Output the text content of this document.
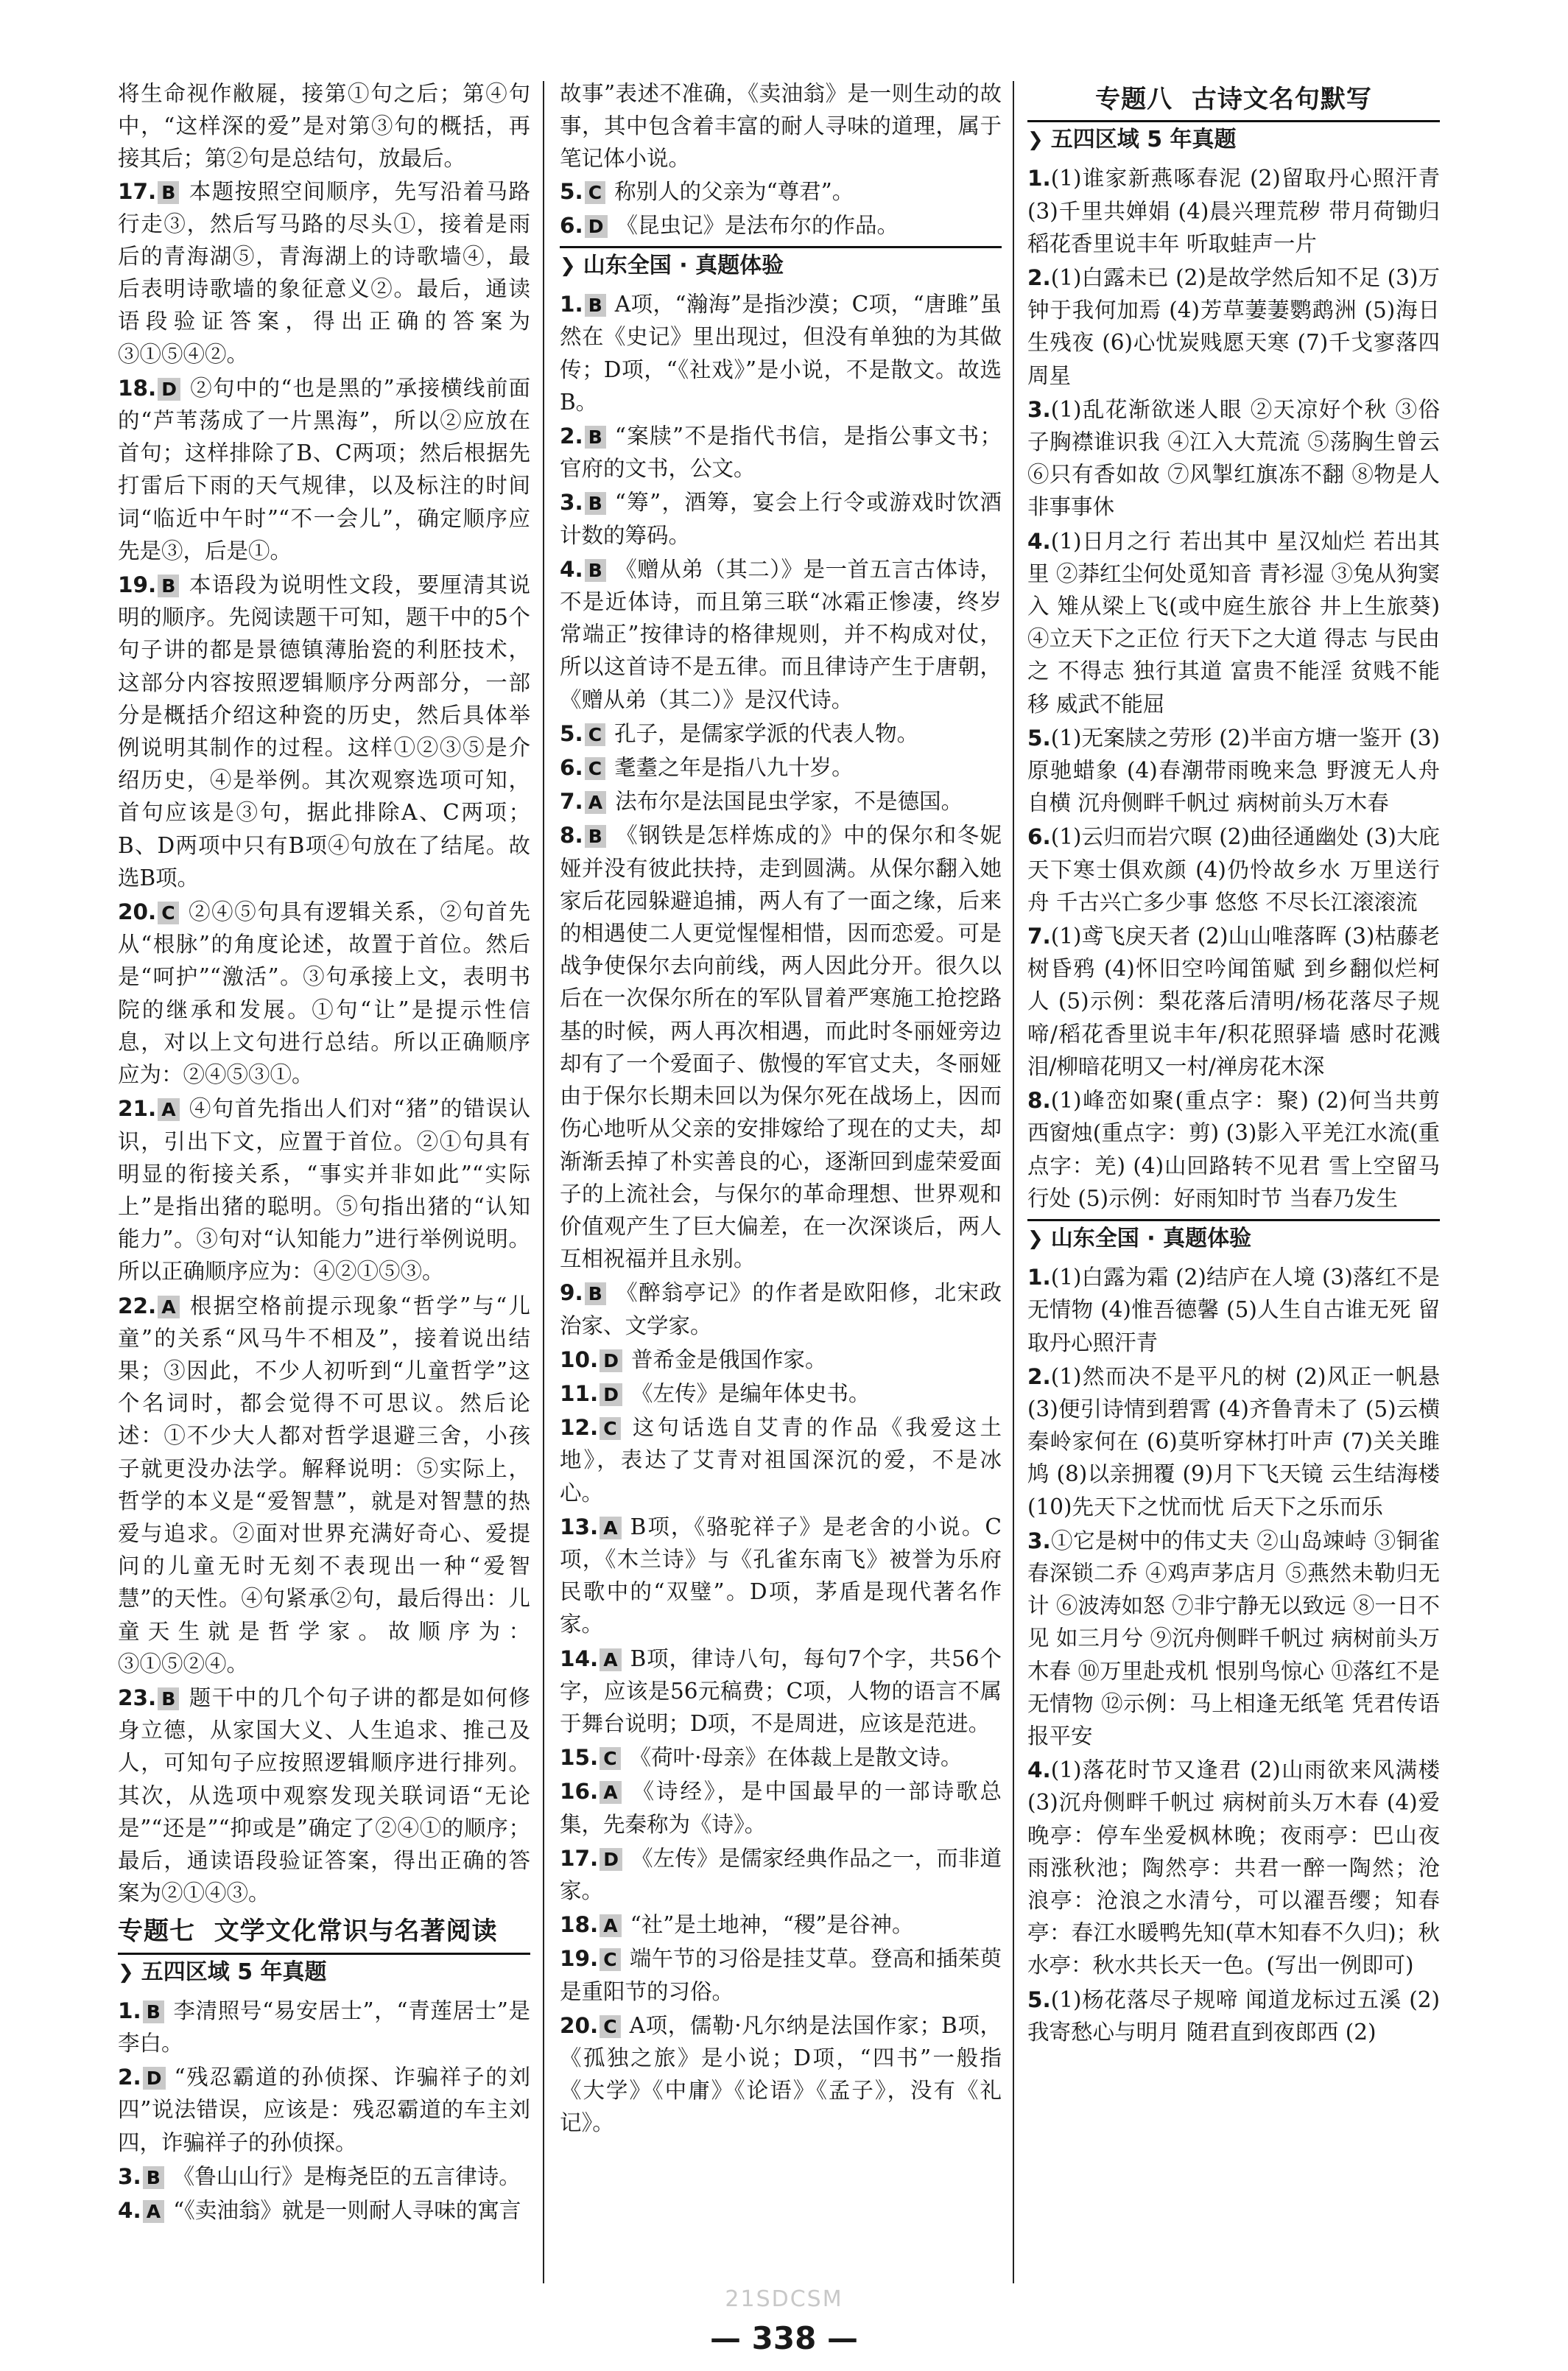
将生命视作敝屣，接第①句之后；第④句中，“这样深的爱”是对第③句的概括，再接其后；第②句是总结句，放最后。
17. B 本题按照空间顺序，先写沿着马路行走③，然后写马路的尽头①，接着是雨后的青海湖⑤，青海湖上的诗歌墙④，最后表明诗歌墙的象征意义②。最后，通读语段验证答案，得出正确的答案为③①⑤④②。
18. D ②句中的“也是黑的”承接横线前面的“芦苇荡成了一片黑海”，所以②应放在首句；这样排除了B、C两项；然后根据先打雷后下雨的天气规律，以及标注的时间词“临近中午时”“不一会儿”，确定顺序应先是③，后是①。
19. B 本语段为说明性文段，要厘清其说明的顺序。先阅读题干可知，题干中的5个句子讲的都是景德镇薄胎瓷的利胚技术，这部分内容按照逻辑顺序分两部分，一部分是概括介绍这种瓷的历史，然后具体举例说明其制作的过程。这样①②③⑤是介绍历史，④是举例。其次观察选项可知，首句应该是③句，据此排除A、C两项；B、D两项中只有B项④句放在了结尾。故选B项。
20. C ②④⑤句具有逻辑关系，②句首先从“根脉”的角度论述，故置于首位。然后是“呵护”“激活”。③句承接上文，表明书院的继承和发展。①句“让”是提示性信息，对以上文句进行总结。所以正确顺序应为：②④⑤③①。
21. A ④句首先指出人们对“猪”的错误认识，引出下文，应置于首位。②①句具有明显的衔接关系，“事实并非如此”“实际上”是指出猪的聪明。⑤句指出猪的“认知能力”。③句对“认知能力”进行举例说明。所以正确顺序应为：④②①⑤③。
22. A 根据空格前提示现象“哲学”与“儿童”的关系“风马牛不相及”，接着说出结果；③因此，不少人初听到“儿童哲学”这个名词时，都会觉得不可思议。然后论述：①不少大人都对哲学退避三舍，小孩子就更没办法学。解释说明：⑤实际上，哲学的本义是“爱智慧”，就是对智慧的热爱与追求。②面对世界充满好奇心、爱提问的儿童无时无刻不表现出一种“爱智慧”的天性。④句紧承②句，最后得出：儿童天生就是哲学家。故顺序为：③①⑤②④。
23. B 题干中的几个句子讲的都是如何修身立德，从家国大义、人生追求、推己及人，可知句子应按照逻辑顺序进行排列。其次，从选项中观察发现关联词语“无论是”“还是”“抑或是”确定了②④①的顺序；最后，通读语段验证答案，得出正确的答案为②①④③。
专题七  文学文化常识与名著阅读
❯ 五四区域 5 年真题
1. B 李清照号“易安居士”，“青莲居士”是李白。
2. D “残忍霸道的孙侦探、诈骗祥子的刘四”说法错误，应该是：残忍霸道的车主刘四，诈骗祥子的孙侦探。
3. B 《鲁山山行》是梅尧臣的五言律诗。
4. A “《卖油翁》就是一则耐人寻味的寓言
故事”表述不准确，《卖油翁》是一则生动的故事，其中包含着丰富的耐人寻味的道理，属于笔记体小说。
5. C 称别人的父亲为“尊君”。
6. D 《昆虫记》是法布尔的作品。
❯ 山东全国 · 真题体验
1. B A项，“瀚海”是指沙漠；C项，“唐雎”虽然在《史记》里出现过，但没有单独的为其做传；D项，“《社戏》”是小说，不是散文。故选B。
2. B “案牍”不是指代书信，是指公事文书；官府的文书，公文。
3. B “筹”，酒筹，宴会上行令或游戏时饮酒计数的筹码。
4. B 《赠从弟（其二）》是一首五言古体诗，不是近体诗，而且第三联“冰霜正惨凄，终岁常端正”按律诗的格律规则，并不构成对仗，所以这首诗不是五律。而且律诗产生于唐朝，《赠从弟（其二）》是汉代诗。
5. C 孔子，是儒家学派的代表人物。
6. C 耄耋之年是指八九十岁。
7. A 法布尔是法国昆虫学家，不是德国。
8. B 《钢铁是怎样炼成的》中的保尔和冬妮娅并没有彼此扶持，走到圆满。从保尔翻入她家后花园躲避追捕，两人有了一面之缘，后来的相遇使二人更觉惺惺相惜，因而恋爱。可是战争使保尔去向前线，两人因此分开。很久以后在一次保尔所在的军队冒着严寒施工抢挖路基的时候，两人再次相遇，而此时冬丽娅旁边却有了一个爱面子、傲慢的军官丈夫，冬丽娅由于保尔长期未回以为保尔死在战场上，因而伤心地听从父亲的安排嫁给了现在的丈夫，却渐渐丢掉了朴实善良的心，逐渐回到虚荣爱面子的上流社会，与保尔的革命理想、世界观和价值观产生了巨大偏差，在一次深谈后，两人互相祝福并且永别。
9. B 《醉翁亭记》的作者是欧阳修，北宋政治家、文学家。
10. D 普希金是俄国作家。
11. D 《左传》是编年体史书。
12. C 这句话选自艾青的作品《我爱这土地》，表达了艾青对祖国深沉的爱，不是冰心。
13. A B项，《骆驼祥子》是老舍的小说。C项，《木兰诗》与《孔雀东南飞》被誉为乐府民歌中的“双璧”。D项，茅盾是现代著名作家。
14. A B项，律诗八句，每句7个字，共56个字，应该是56元稿费；C项，人物的语言不属于舞台说明；D项，不是周进，应该是范进。
15. C 《荷叶·母亲》在体裁上是散文诗。
16. A 《诗经》，是中国最早的一部诗歌总集，先秦称为《诗》。
17. D 《左传》是儒家经典作品之一，而非道家。
18. A “社”是土地神，“稷”是谷神。
19. C 端午节的习俗是挂艾草。登高和插茱萸是重阳节的习俗。
20. C A项，儒勒·凡尔纳是法国作家；B项，《孤独之旅》是小说；D项，“四书”一般指《大学》《中庸》《论语》《孟子》，没有《礼记》。
专题八  古诗文名句默写
❯ 五四区域 5 年真题
1.(1)谁家新燕啄春泥 (2)留取丹心照汗青 (3)千里共婵娟 (4)晨兴理荒秽 带月荷锄归 稻花香里说丰年 听取蛙声一片
2.(1)白露未已 (2)是故学然后知不足 (3)万钟于我何加焉 (4)芳草萋萋鹦鹉洲 (5)海日生残夜 (6)心忧炭贱愿天寒 (7)千戈寥落四周星
3.(1)乱花渐欲迷人眼 ②天凉好个秋 ③俗子胸襟谁识我 ④江入大荒流 ⑤荡胸生曾云 ⑥只有香如故 ⑦风掣红旗冻不翻 ⑧物是人非事事休
4.(1)日月之行 若出其中 星汉灿烂 若出其里 ②莽红尘何处觅知音 青衫湿 ③兔从狗窦入 雉从梁上飞(或中庭生旅谷 井上生旅葵) ④立天下之正位 行天下之大道 得志 与民由之 不得志 独行其道 富贵不能淫 贫贱不能移 威武不能屈
5.(1)无案牍之劳形 (2)半亩方塘一鉴开 (3)原驰蜡象 (4)春潮带雨晚来急 野渡无人舟自横 沉舟侧畔千帆过 病树前头万木春
6.(1)云归而岩穴暝 (2)曲径通幽处 (3)大庇天下寒士俱欢颜 (4)仍怜故乡水 万里送行舟 千古兴亡多少事 悠悠 不尽长江滚滚流
7.(1)鸢飞戾天者 (2)山山唯落晖 (3)枯藤老树昏鸦 (4)怀旧空吟闻笛赋 到乡翻似烂柯人 (5)示例：梨花落后清明/杨花落尽子规啼/稻花香里说丰年/积花照驿墙 感时花溅泪/柳暗花明又一村/禅房花木深
8.(1)峰峦如聚(重点字：聚) (2)何当共剪西窗烛(重点字：剪) (3)影入平羌江水流(重点字：羌) (4)山回路转不见君 雪上空留马行处 (5)示例：好雨知时节 当春乃发生
❯ 山东全国 · 真题体验
1.(1)白露为霜 (2)结庐在人境 (3)落红不是无情物 (4)惟吾德馨 (5)人生自古谁无死 留取丹心照汗青
2.(1)然而决不是平凡的树 (2)风正一帆悬 (3)便引诗情到碧霄 (4)齐鲁青未了 (5)云横秦岭家何在 (6)莫听穿林打叶声 (7)关关雎鸠 (8)以亲拥覆 (9)月下飞天镜 云生结海楼 (10)先天下之忧而忧 后天下之乐而乐
3.①它是树中的伟丈夫 ②山岛竦峙 ③铜雀春深锁二乔 ④鸡声茅店月 ⑤燕然未勒归无计 ⑥波涛如怒 ⑦非宁静无以致远 ⑧一日不见 如三月兮 ⑨沉舟侧畔千帆过 病树前头万木春 ⑩万里赴戎机 恨别鸟惊心 ⑪落红不是无情物 ⑫示例：马上相逢无纸笔 凭君传语报平安
4.(1)落花时节又逢君 (2)山雨欲来风满楼 (3)沉舟侧畔千帆过 病树前头万木春 (4)爱晚亭：停车坐爱枫林晚；夜雨亭：巴山夜雨涨秋池；陶然亭：共君一醉一陶然；沧浪亭：沧浪之水清兮，可以濯吾缨；知春亭：春江水暖鸭先知(草木知春不久归)；秋水亭：秋水共长天一色。(写出一例即可)
5.(1)杨花落尽子规啼 闻道龙标过五溪 (2)我寄愁心与明月 随君直到夜郎西 (2)
21SDCSM
— 338 —
